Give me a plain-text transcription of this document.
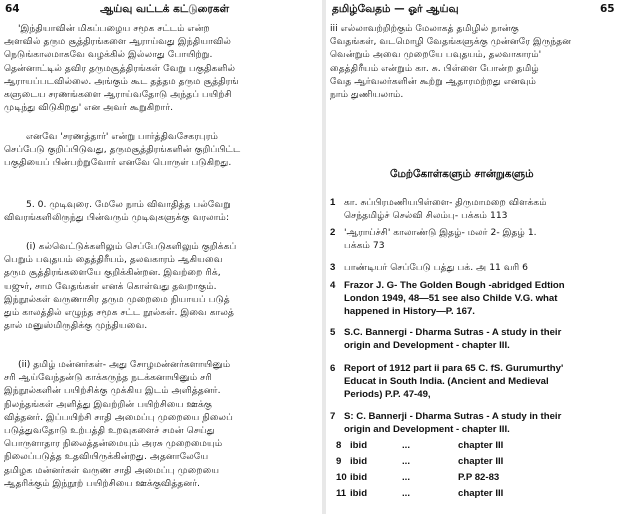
64	ஆய்வு வட்டக் கட்டுரைகள்
'இந்தியாவின் மிகப்பழைய சமூக சட்டம் என்ற
அளவில் தரும சூத்திரங்களை ஆராய்வது இந்தியாவில்
நெடுங்காலமாகவே வழக்கில் இல்லாது போயிற்று.
தென்னாட்டில் தவிர தருமசூத்திரங்கள் வேறு பகுதிகளில்
ஆராயப்படவில்லை. அங்கும் கூட தத்தம தரும சூத்திரங்
களுடைய சரணங்களை ஆராய்வதோடு அந்தப் பயிற்சி
முடிந்து விடுகிறது' என அவர் கூறுகிறார்.
எனவே 'சரணத்தார்' என்று பார்த்திவசேகரபுரம்
செப்பேடு குறிப்பிடுவது, தருமசூத்திரங்களின் குறிப்பிட்ட
பகுதியைப் பின்பற்றுவோர் எனவே பொருள் படுகிறது.
5. 0. முடிவுரை. மேலே நாம் விவாதித்த பல்வேறு
விவரங்களிலிருந்து பின்வரும் முடிவுகளுக்கு வரலாம்:
(i) கல்வெட்டுக்களிலும் செப்பேடுகளிலும் குறிக்கப்
பெறும் பவுதயம் தைத்திரீயம், தலவகாரம் ஆகியவை
தரும சூத்திரங்களையே குறிக்கின்றன. இவற்றை ரிக்,
யஜுர், சாம வேதங்கள் எனக் கொள்வது தவறாகும்.
இந்நூல்கள் வருணாசிர தரும முறைமை நியாயப் படுத்
தும் காலத்தில் எழுந்த சமூக சட்ட நூல்கள். இவை காலத்
தால் மனுஸ்மிருதிக்கு முந்தியவை.
(ii) தமிழ் மன்னர்கள்- அது சோழமன்னர்களாயினும்
சரி ஆய்வேந்தன்டு காக்கருந்த நடக்கனாயினும் சரி
இந்நூல்களின் பயிற்சிக்கு முக்கிய இடம் அளித்தனர்.
நிலந்தங்கள் அளித்து இவற்றின் பயிற்சியை ஊக்கு
வித்தனர். இப்பயிற்சி சாதி அமைப்பு முறையை நிலைப்
படுத்துவதோடு உற்பத்தி உறவுகளைச் சமன் செய்து
பொருளாதார நிலைத்தன்மையும் அரசு முறைமையும்
நிலைப்படுத்த உதவியிருக்கின்றது. அதனாலேயே
தமிழக மன்னர்கள் வருண சாதி அமைப்பு முறையை
ஆதரிக்கும் இந்நூற் பயிற்சியை ஊக்குவித்தனர்.
தமிழ்வேதம் — ஓர் ஆய்வு	65
iii எல்லாவற்றிற்கும் மேலாகத் தமிழில் நான்கு
வேதங்கள், வடமொழி வேதங்களுக்கு முன்னரே இருந்தன
வென்றும் அவை முறையே பவுதயம், தலவாகாரம்'
தைத்திரீயம் என்றும் கா. சு. பிள்ளை போன்ற தமிழ்
வேத ஆர்வலர்களின் கூற்று ஆதாரமற்றது எனவும்
நாம் துணியலாம்.
மேற்கோள்களும் சான்றுகளும்
1 கா. சுப்பிரமணியபிள்ளை- திருமாமறை விளக்கம்
செந்தமிழ்ச் செல்வி சிலம்பு- பக்கம் 113
2 'ஆராய்ச்சி' காலாண்டு இதழ்- மலர் 2- இதழ் 1.
பக்கம் 73
3 பாண்டியர் செப்பேடு பத்து பக். அ 11 வரி 6
4 Frazor J. G- The Golden Bough -abridged Edtion
London 1949, 48—51 see also Childe V.G. what
happened in History—P. 167.
5 S.C. Bannergi - Dharma Sutras - A study in their
origin and Development - chapter III.
6 Report of 1912 part ii para 65 C. fS. Gurumurthy'
Educat in South India. (Ancient and Medieval
Periods) P.P. 47-49,
7 S: C. Bannerji - Dharma Sutras - A study in their
origin and Development - chapter III.
8 ibid	...	chapter III
9 ibid	...	chapter III
10 ibid	...	P.P 82-83
11 ibid	...	chapter III
